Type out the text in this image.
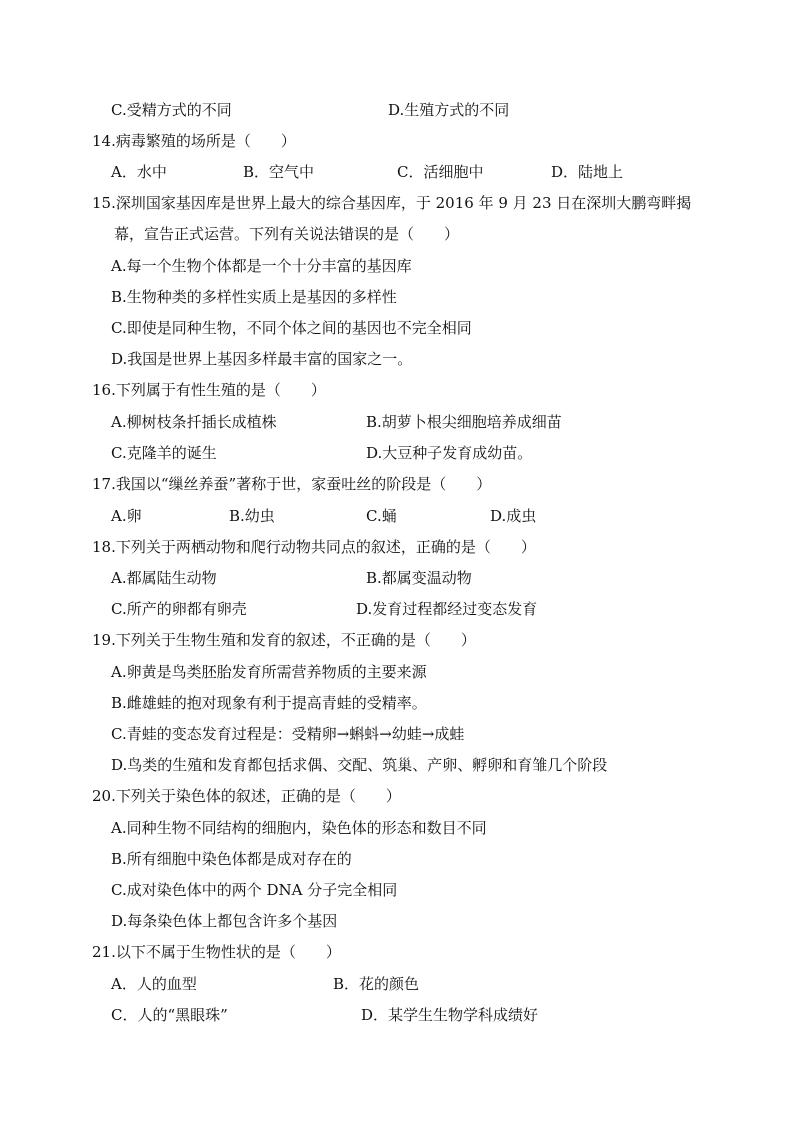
C.受精方式的不同	D.生殖方式的不同
14.病毒繁殖的场所是（　　）
A．水中	B．空气中	C．活细胞中	D．陆地上
15.深圳国家基因库是世界上最大的综合基因库，于 2016 年 9 月 23 日在深圳大鹏弯畔揭
幕，宣告正式运营。下列有关说法错误的是（　　）
A.每一个生物个体都是一个十分丰富的基因库
B.生物种类的多样性实质上是基因的多样性
C.即使是同种生物，不同个体之间的基因也不完全相同
D.我国是世界上基因多样最丰富的国家之一。
16.下列属于有性生殖的是（　　）
A.柳树枝条扦插长成植株	B.胡萝卜根尖细胞培养成细苗
C.克隆羊的诞生	D.大豆种子发育成幼苗。
17.我国以“缫丝养蚕”著称于世，家蚕吐丝的阶段是（　　）
A.卵	B.幼虫	C.蛹	D.成虫
18.下列关于两栖动物和爬行动物共同点的叙述，正确的是（　　）
A.都属陆生动物	B.都属变温动物
C.所产的卵都有卵壳	D.发育过程都经过变态发育
19.下列关于生物生殖和发育的叙述，不正确的是（　　）
A.卵黄是鸟类胚胎发育所需营养物质的主要来源
B.雌雄蛙的抱对现象有利于提高青蛙的受精率。
C.青蛙的变态发育过程是：受精卵→蝌蚪→幼蛙→成蛙
D.鸟类的生殖和发育都包括求偶、交配、筑巢、产卵、孵卵和育雏几个阶段
20.下列关于染色体的叙述，正确的是（　　）
A.同种生物不同结构的细胞内，染色体的形态和数目不同
B.所有细胞中染色体都是成对存在的
C.成对染色体中的两个 DNA 分子完全相同
D.每条染色体上都包含许多个基因
21.以下不属于生物性状的是（　　）
A．人的血型	B．花的颜色
C．人的“黑眼珠”	D．某学生生物学科成绩好
